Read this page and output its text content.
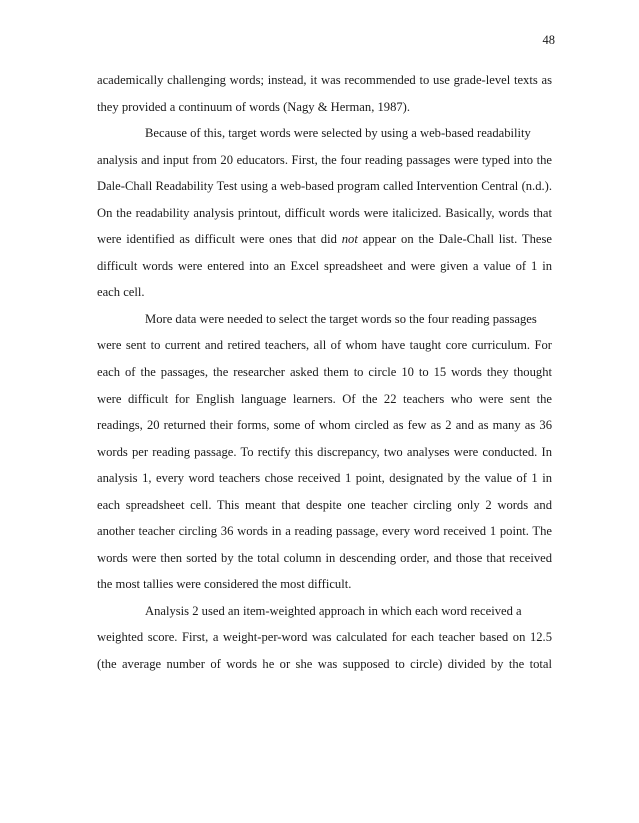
48

academically challenging words; instead, it was recommended to use grade-level texts as
they provided a continuum of words (Nagy & Herman, 1987).

Because of this, target words were selected by using a web-based readability
analysis and input from 20 educators. First, the four reading passages were typed into the
Dale-Chall Readability Test using a web-based program called Intervention Central (n.d.).
On the readability analysis printout, difficult words were italicized. Basically, words that
were identified as difficult were ones that did not appear on the Dale-Chall list. These
difficult words were entered into an Excel spreadsheet and were given a value of 1 in
each cell.

More data were needed to select the target words so the four reading passages
were sent to current and retired teachers, all of whom have taught core curriculum. For
each of the passages, the researcher asked them to circle 10 to 15 words they thought
were difficult for English language learners. Of the 22 teachers who were sent the
readings, 20 returned their forms, some of whom circled as few as 2 and as many as 36
words per reading passage. To rectify this discrepancy, two analyses were conducted. In
analysis 1, every word teachers chose received 1 point, designated by the value of 1 in
each spreadsheet cell. This meant that despite one teacher circling only 2 words and
another teacher circling 36 words in a reading passage, every word received 1 point. The
words were then sorted by the total column in descending order, and those that received
the most tallies were considered the most difficult.

Analysis 2 used an item-weighted approach in which each word received a
weighted score. First, a weight-per-word was calculated for each teacher based on 12.5
(the average number of words he or she was supposed to circle) divided by the total
